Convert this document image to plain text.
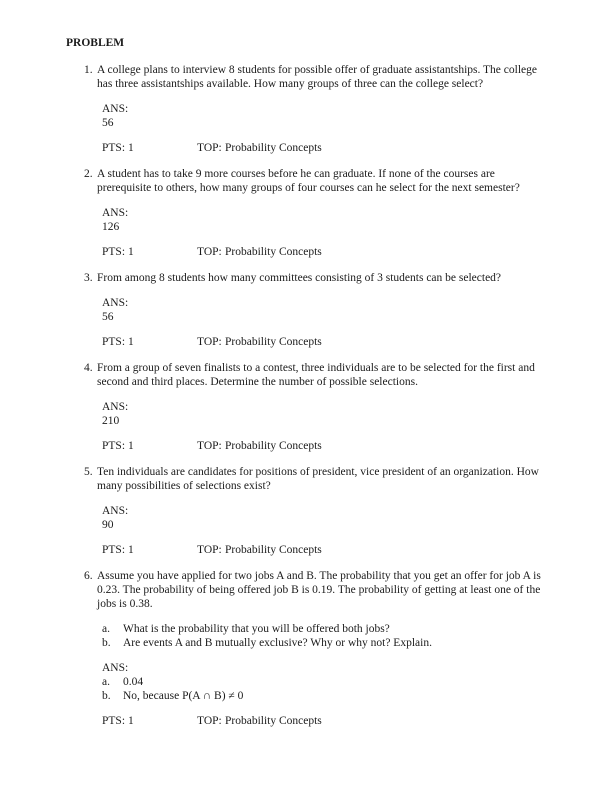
PROBLEM
1. A college plans to interview 8 students for possible offer of graduate assistantships. The college has three assistantships available. How many groups of three can the college select?
ANS:
56
PTS: 1	TOP: Probability Concepts
2. A student has to take 9 more courses before he can graduate. If none of the courses are prerequisite to others, how many groups of four courses can he select for the next semester?
ANS:
126
PTS: 1	TOP: Probability Concepts
3. From among 8 students how many committees consisting of 3 students can be selected?
ANS:
56
PTS: 1	TOP: Probability Concepts
4. From a group of seven finalists to a contest, three individuals are to be selected for the first and second and third places. Determine the number of possible selections.
ANS:
210
PTS: 1	TOP: Probability Concepts
5. Ten individuals are candidates for positions of president, vice president of an organization. How many possibilities of selections exist?
ANS:
90
PTS: 1	TOP: Probability Concepts
6. Assume you have applied for two jobs A and B. The probability that you get an offer for job A is 0.23. The probability of being offered job B is 0.19. The probability of getting at least one of the jobs is 0.38.
a.	What is the probability that you will be offered both jobs?
b.	Are events A and B mutually exclusive? Why or why not? Explain.
ANS:
a.	0.04
b.	No, because P(A ∩ B) ≠ 0
PTS: 1	TOP: Probability Concepts
